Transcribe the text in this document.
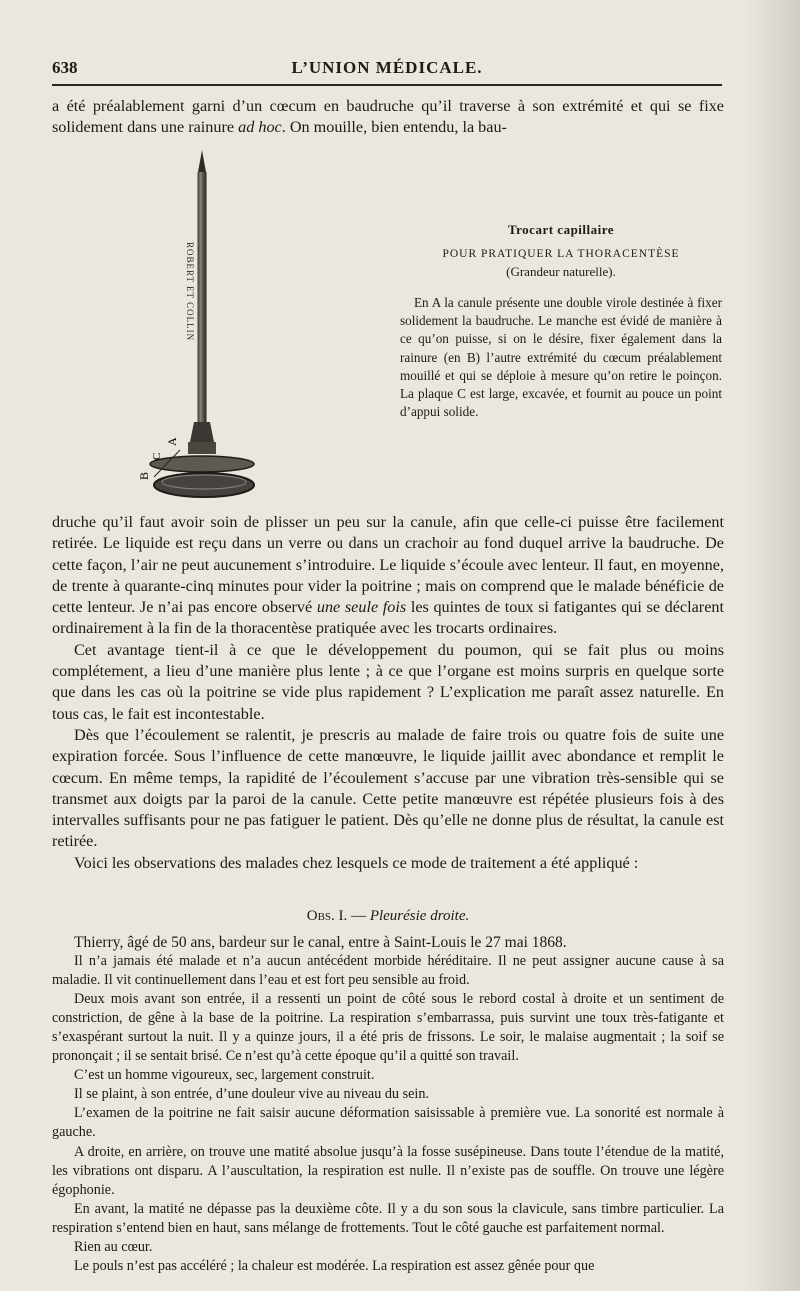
638	L’UNION MÉDICALE.

a été préalablement garni d’un cœcum en baudruche qu’il traverse à son extrémité et qui se fixe solidement dans une rainure ad hoc. On mouille, bien entendu, la bau-

A
B
C
ROBERT ET COLLIN

Trocart capillaire

POUR PRATIQUER LA THORACENTÈSE

(Grandeur naturelle).

En A la canule présente une double virole destinée à fixer solidement la baudruche. Le manche est évidé de manière à ce qu’on puisse, si on le désire, fixer également dans la rainure (en B) l’autre extrémité du cœcum préalablement mouillé et qui se déploie à mesure qu’on retire le poinçon. La plaque C est large, excavée, et fournit au pouce un point d’appui solide.

druche qu’il faut avoir soin de plisser un peu sur la canule, afin que celle-ci puisse être facilement retirée. Le liquide est reçu dans un verre ou dans un crachoir au fond duquel arrive la baudruche. De cette façon, l’air ne peut aucunement s’introduire. Le liquide s’écoule avec lenteur. Il faut, en moyenne, de trente à quarante-cinq minutes pour vider la poitrine ; mais on comprend que le malade bénéficie de cette lenteur. Je n’ai pas encore observé une seule fois les quintes de toux si fatigantes qui se déclarent ordinairement à la fin de la thoracentèse pratiquée avec les trocarts ordinaires.

Cet avantage tient-il à ce que le développement du poumon, qui se fait plus ou moins complétement, a lieu d’une manière plus lente ; à ce que l’organe est moins surpris en quelque sorte que dans les cas où la poitrine se vide plus rapidement ? L’explication me paraît assez naturelle. En tous cas, le fait est incontestable.

Dès que l’écoulement se ralentit, je prescris au malade de faire trois ou quatre fois de suite une expiration forcée. Sous l’influence de cette manœuvre, le liquide jaillit avec abondance et remplit le cœcum. En même temps, la rapidité de l’écoulement s’accuse par une vibration très-sensible qui se transmet aux doigts par la paroi de la canule. Cette petite manœuvre est répétée plusieurs fois à des intervalles suffisants pour ne pas fatiguer le patient. Dès qu’elle ne donne plus de résultat, la canule est retirée.

Voici les observations des malades chez lesquels ce mode de traitement a été appliqué :

Obs. I. — Pleurésie droite.

Thierry, âgé de 50 ans, bardeur sur le canal, entre à Saint-Louis le 27 mai 1868.

Il n’a jamais été malade et n’a aucun antécédent morbide héréditaire. Il ne peut assigner aucune cause à sa maladie. Il vit continuellement dans l’eau et est fort peu sensible au froid.

Deux mois avant son entrée, il a ressenti un point de côté sous le rebord costal à droite et un sentiment de constriction, de gêne à la base de la poitrine. La respiration s’embarrassa, puis survint une toux très-fatigante et s’exaspérant surtout la nuit. Il y a quinze jours, il a été pris de frissons. Le soir, le malaise augmentait ; la soif se prononçait ; il se sentait brisé. Ce n’est qu’à cette époque qu’il a quitté son travail.

C’est un homme vigoureux, sec, largement construit.

Il se plaint, à son entrée, d’une douleur vive au niveau du sein.

L’examen de la poitrine ne fait saisir aucune déformation saisissable à première vue. La sonorité est normale à gauche.

A droite, en arrière, on trouve une matité absolue jusqu’à la fosse susépineuse. Dans toute l’étendue de la matité, les vibrations ont disparu. A l’auscultation, la respiration est nulle. Il n’existe pas de souffle. On trouve une légère égophonie.

En avant, la matité ne dépasse pas la deuxième côte. Il y a du son sous la clavicule, sans timbre particulier. La respiration s’entend bien en haut, sans mélange de frottements. Tout le côté gauche est parfaitement normal.

Rien au cœur.

Le pouls n’est pas accéléré ; la chaleur est modérée. La respiration est assez gênée pour que
